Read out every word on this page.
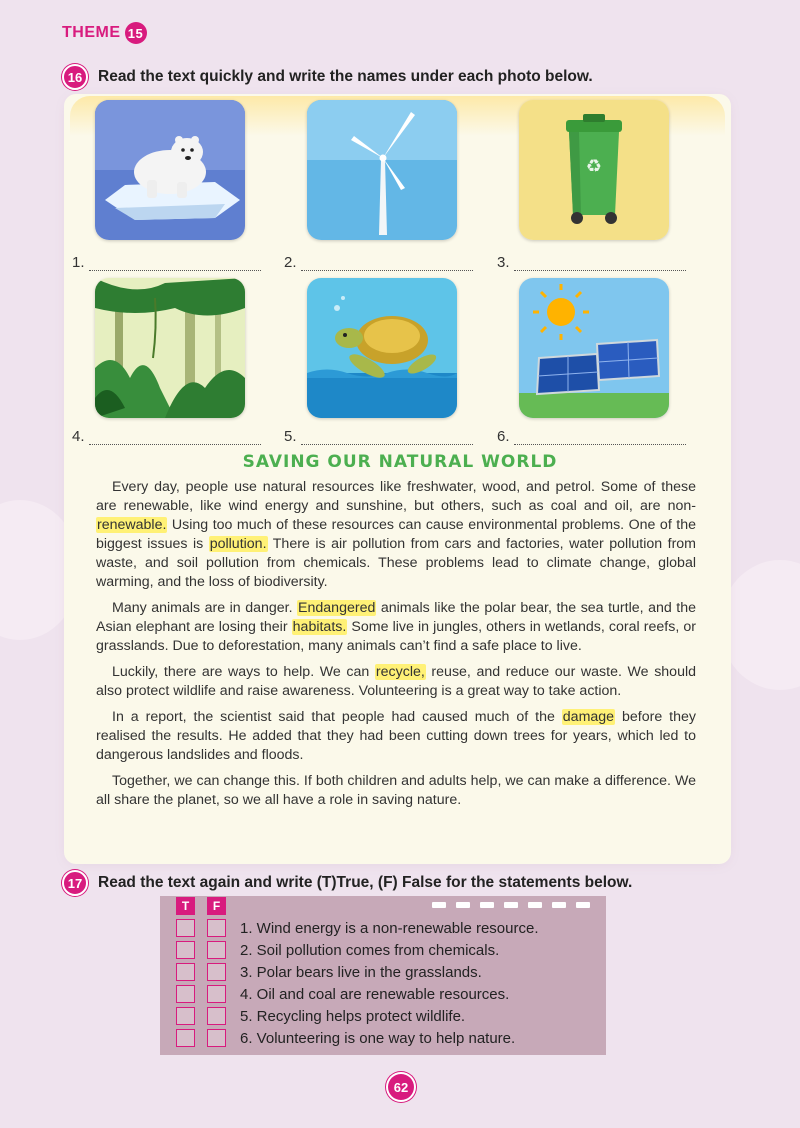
THEME 15
16	Read the text quickly and write the names under each photo below.
♻
1.	2.	3.
4.	5.	6.
SAVING OUR NATURAL WORLD

Every day, people use natural resources like freshwater, wood, and petrol. Some of these are renewable, like wind energy and sunshine, but others, such as coal and oil, are non-renewable. Using too much of these resources can cause environmental problems. One of the biggest issues is pollution. There is air pollution from cars and factories, water pollution from waste, and soil pollution from chemicals. These problems lead to climate change, global warming, and the loss of biodiversity.

Many animals are in danger. Endangered animals like the polar bear, the sea turtle, and the Asian elephant are losing their habitats. Some live in jungles, others in wetlands, coral reefs, or grasslands. Due to deforestation, many animals can’t find a safe place to live.

Luckily, there are ways to help. We can recycle, reuse, and reduce our waste. We should also protect wildlife and raise awareness. Volunteering is a great way to take action.

In a report, the scientist said that people had caused much of the damage before they realised the results. He added that they had been cutting down trees for years, which led to dangerous landslides and floods.

Together, we can change this. If both children and adults help, we can make a difference. We all share the planet, so we all have a role in saving nature.

17	Read the text again and write (T)True, (F) False for the statements below.
T	F
1. Wind energy is a non-renewable resource.
2. Soil pollution comes from chemicals.
3. Polar bears live in the grasslands.
4. Oil and coal are renewable resources.
5. Recycling helps protect wildlife.
6. Volunteering is one way to help nature.
62
